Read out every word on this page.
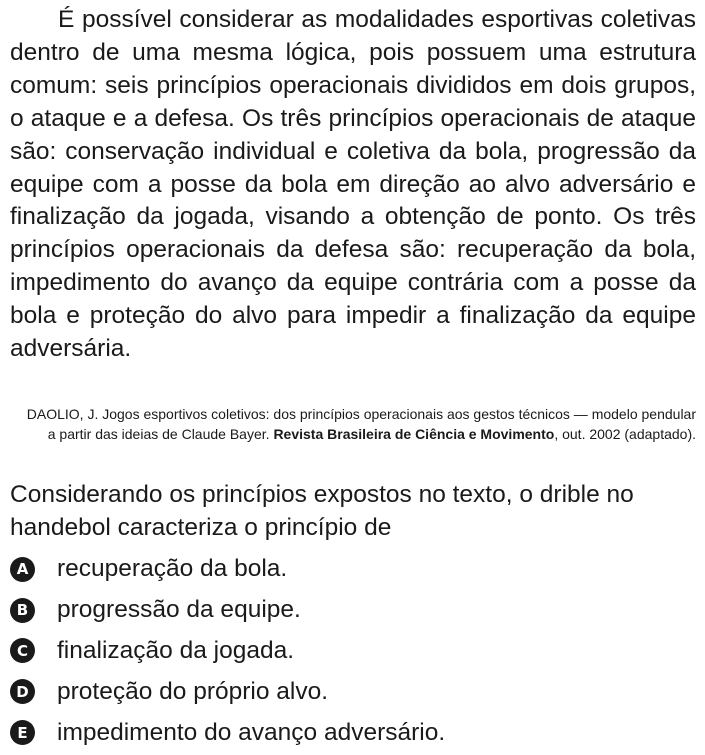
É possível considerar as modalidades esportivas coletivas dentro de uma mesma lógica, pois possuem uma estrutura comum: seis princípios operacionais divididos em dois grupos, o ataque e a defesa. Os três princípios operacionais de ataque são: conservação individual e coletiva da bola, progressão da equipe com a posse da bola em direção ao alvo adversário e finalização da jogada, visando a obtenção de ponto. Os três princípios operacionais da defesa são: recuperação da bola, impedimento do avanço da equipe contrária com a posse da bola e proteção do alvo para impedir a finalização da equipe adversária.

DAOLIO, J. Jogos esportivos coletivos: dos princípios operacionais aos gestos técnicos — modelo pendular a partir das ideias de Claude Bayer. Revista Brasileira de Ciência e Movimento, out. 2002 (adaptado).

Considerando os princípios expostos no texto, o drible no handebol caracteriza o princípio de

A recuperação da bola.
B progressão da equipe.
C finalização da jogada.
D proteção do próprio alvo.
E	impedimento do avanço adversário.
